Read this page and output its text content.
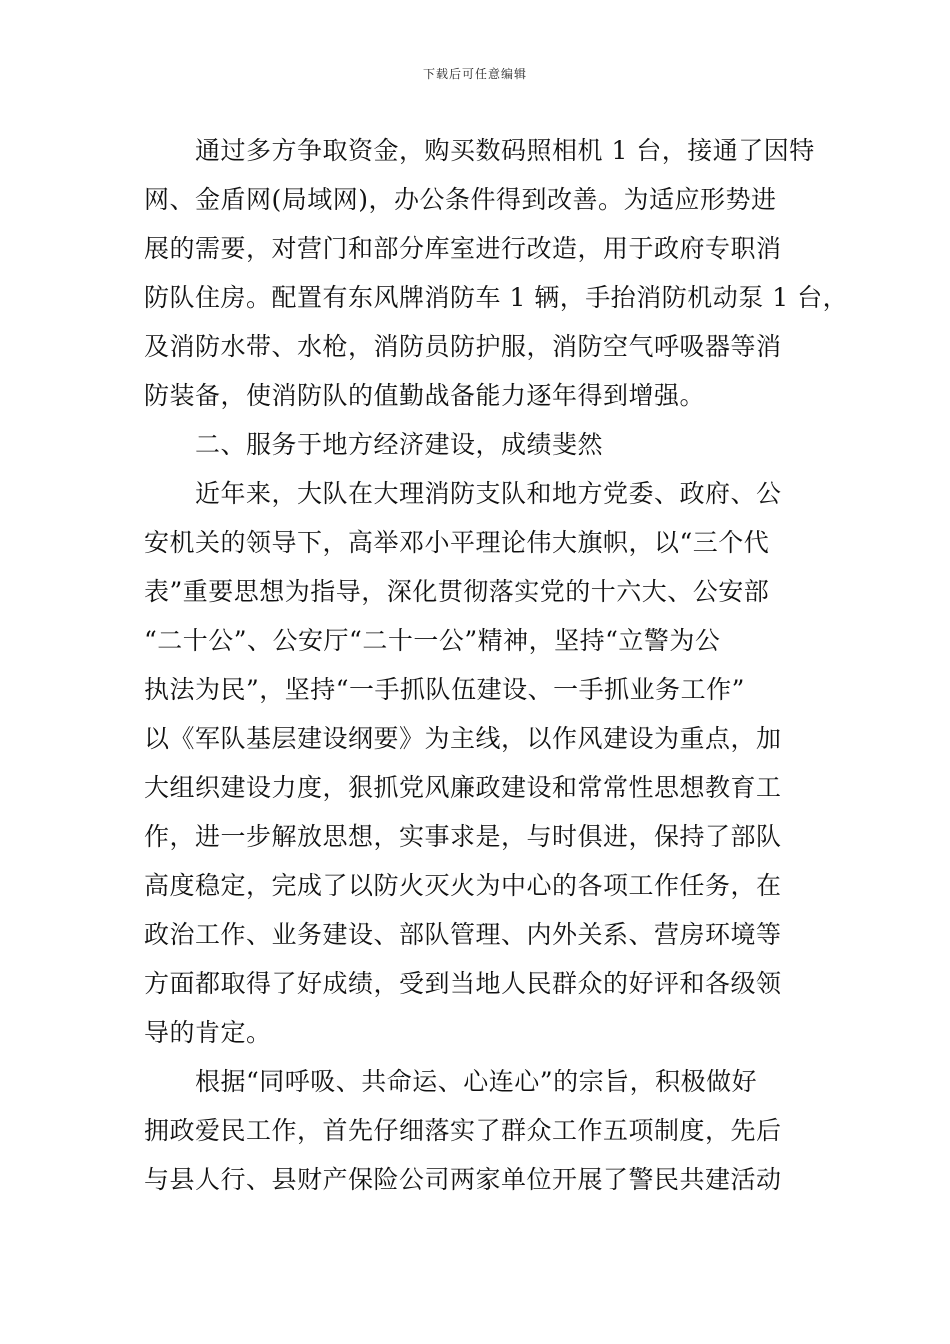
下载后可任意编辑
通过多方争取资金，购买数码照相机 1 台，接通了因特
网、金盾网(局域网)，办公条件得到改善。为适应形势进
展的需要，对营门和部分库室进行改造，用于政府专职消
防队住房。配置有东风牌消防车 1 辆，手抬消防机动泵 1 台，
及消防水带、水枪，消防员防护服，消防空气呼吸器等消
防装备，使消防队的值勤战备能力逐年得到增强。
二、服务于地方经济建设，成绩斐然
近年来，大队在大理消防支队和地方党委、政府、公
安机关的领导下，高举邓小平理论伟大旗帜，以“三个代
表”重要思想为指导，深化贯彻落实党的十六大、公安部
“二十公”、公安厅“二十一公”精神，坚持“立警为公
执法为民”，坚持“一手抓队伍建设、一手抓业务工作”
以《军队基层建设纲要》为主线，以作风建设为重点，加
大组织建设力度，狠抓党风廉政建设和常常性思想教育工
作，进一步解放思想，实事求是，与时俱进，保持了部队
高度稳定，完成了以防火灭火为中心的各项工作任务，在
政治工作、业务建设、部队管理、内外关系、营房环境等
方面都取得了好成绩，受到当地人民群众的好评和各级领
导的肯定。
根据“同呼吸、共命运、心连心”的宗旨，积极做好
拥政爱民工作，首先仔细落实了群众工作五项制度，先后
与县人行、县财产保险公司两家单位开展了警民共建活动
